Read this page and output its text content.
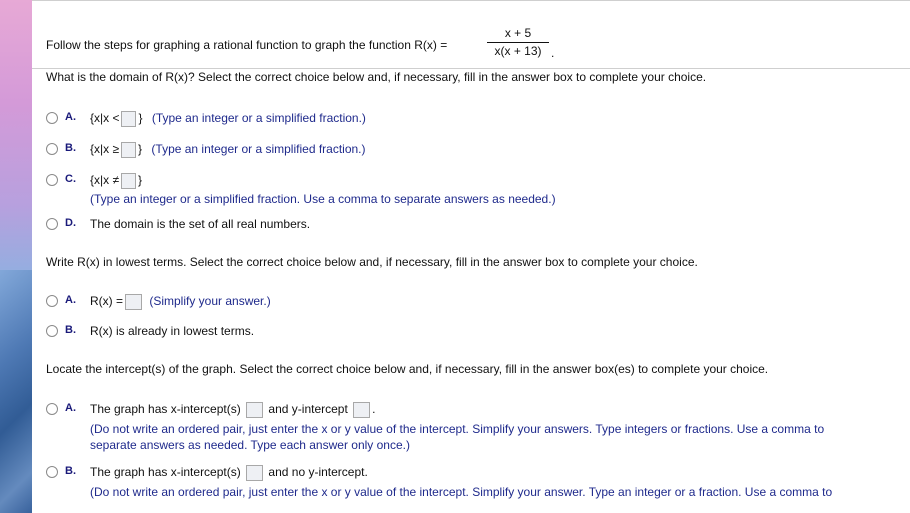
Follow the steps for graphing a rational function to graph the function R(x) =
x + 5
x(x + 13) .
What is the domain of R(x)? Select the correct choice below and, if necessary, fill in the answer box to complete your choice.
A. {x|x < } (Type an integer or a simplified fraction.)
B. {x|x ≥ } (Type an integer or a simplified fraction.)
C. {x|x ≠ }
(Type an integer or a simplified fraction. Use a comma to separate answers as needed.)
D. The domain is the set of all real numbers.
Write R(x) in lowest terms. Select the correct choice below and, if necessary, fill in the answer box to complete your choice.
A. R(x) = (Simplify your answer.)
B. R(x) is already in lowest terms.
Locate the intercept(s) of the graph. Select the correct choice below and, if necessary, fill in the answer box(es) to complete your choice.
A. The graph has x-intercept(s) and y-intercept .
(Do not write an ordered pair, just enter the x or y value of the intercept. Simplify your answers. Type integers or fractions. Use a comma to
separate answers as needed. Type each answer only once.)
B. The graph has x-intercept(s) and no y-intercept.
(Do not write an ordered pair, just enter the x or y value of the intercept. Simplify your answer. Type an integer or a fraction. Use a comma to
